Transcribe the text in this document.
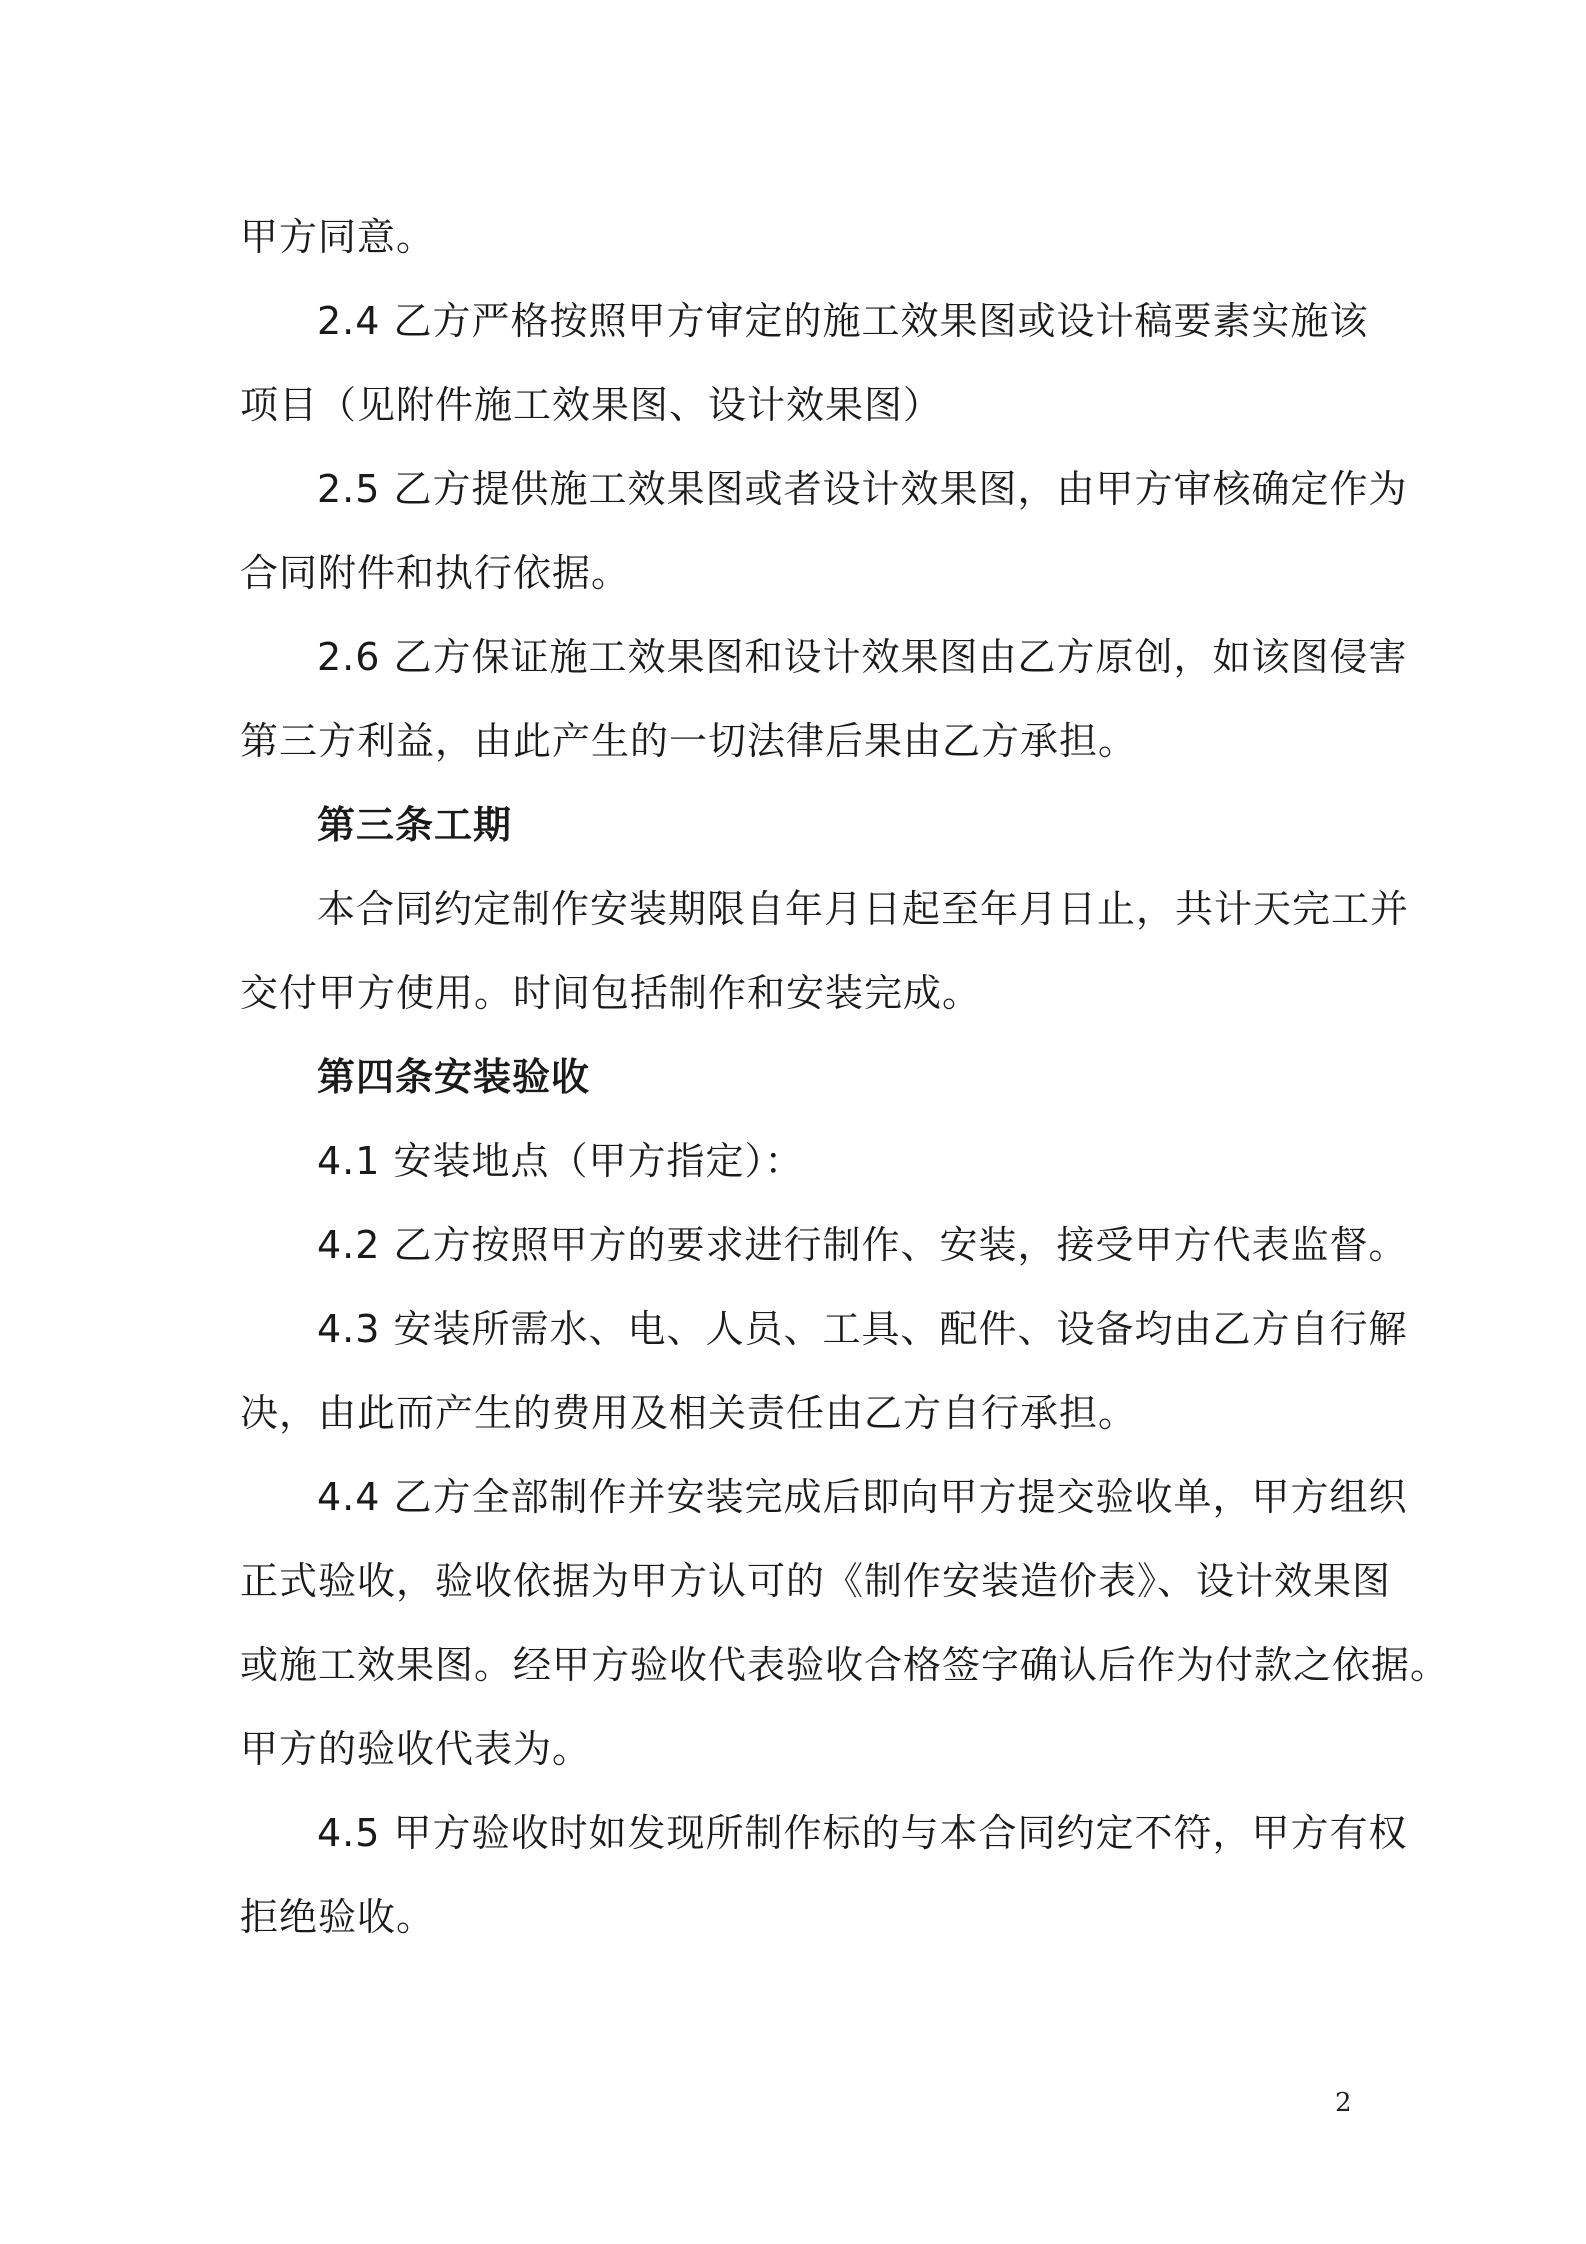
甲方同意。

2.4 乙方严格按照甲方审定的施工效果图或设计稿要素实施该

项目（见附件施工效果图、设计效果图）

2.5 乙方提供施工效果图或者设计效果图，由甲方审核确定作为

合同附件和执行依据。

2.6 乙方保证施工效果图和设计效果图由乙方原创，如该图侵害

第三方利益，由此产生的一切法律后果由乙方承担。

第三条工期

本合同约定制作安装期限自年月日起至年月日止，共计天完工并

交付甲方使用。时间包括制作和安装完成。

第四条安装验收

4.1 安装地点（甲方指定）：

4.2 乙方按照甲方的要求进行制作、安装，接受甲方代表监督。

4.3 安装所需水、电、人员、工具、配件、设备均由乙方自行解

决，由此而产生的费用及相关责任由乙方自行承担。

4.4 乙方全部制作并安装完成后即向甲方提交验收单，甲方组织

正式验收，验收依据为甲方认可的《制作安装造价表》、设计效果图

或施工效果图。经甲方验收代表验收合格签字确认后作为付款之依据。

甲方的验收代表为。

4.5 甲方验收时如发现所制作标的与本合同约定不符，甲方有权

拒绝验收。

2
